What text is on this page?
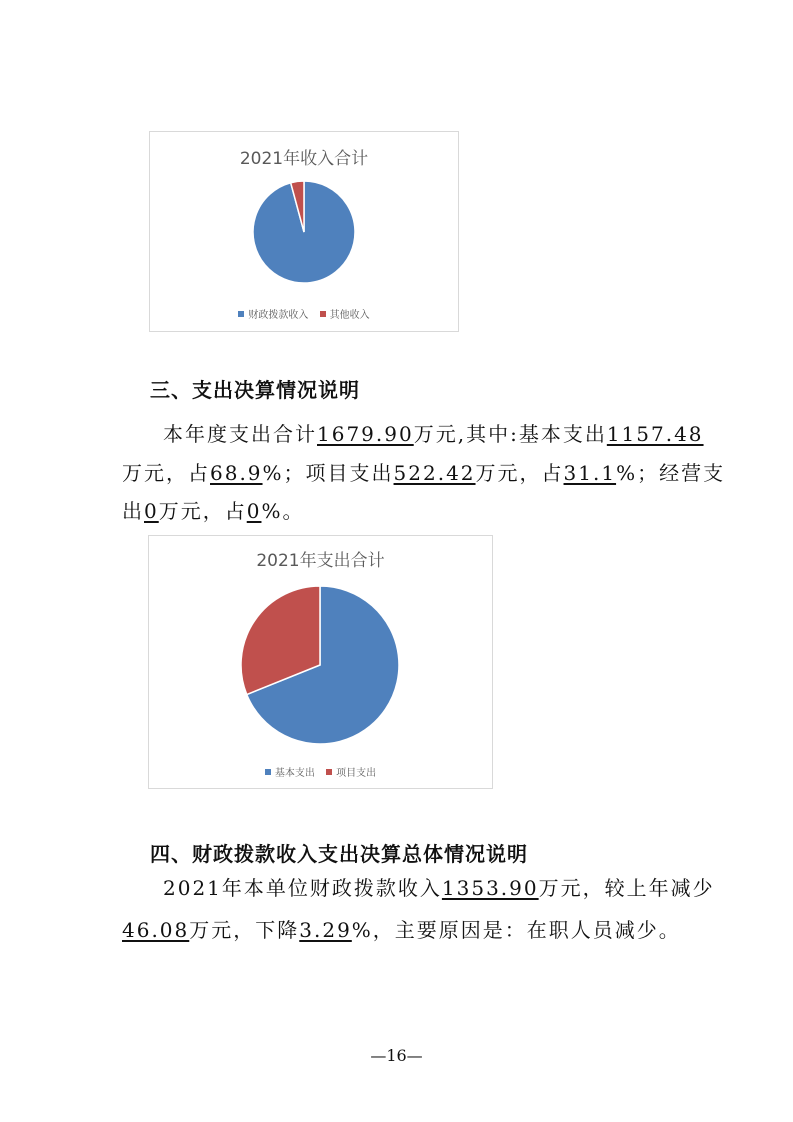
2021年收入合计
财政拨款收入 其他收入
三、支出决算情况说明
本年度支出合计1679.90万元,其中:基本支出1157.48
万元，占68.9%；项目支出522.42万元，占31.1%；经营支
出0万元，占0%。
2021年支出合计
基本支出 项目支出
四、财政拨款收入支出决算总体情况说明
2021年本单位财政拨款收入1353.90万元，较上年减少
46.08万元，下降3.29%，主要原因是：在职人员减少。
—16—
